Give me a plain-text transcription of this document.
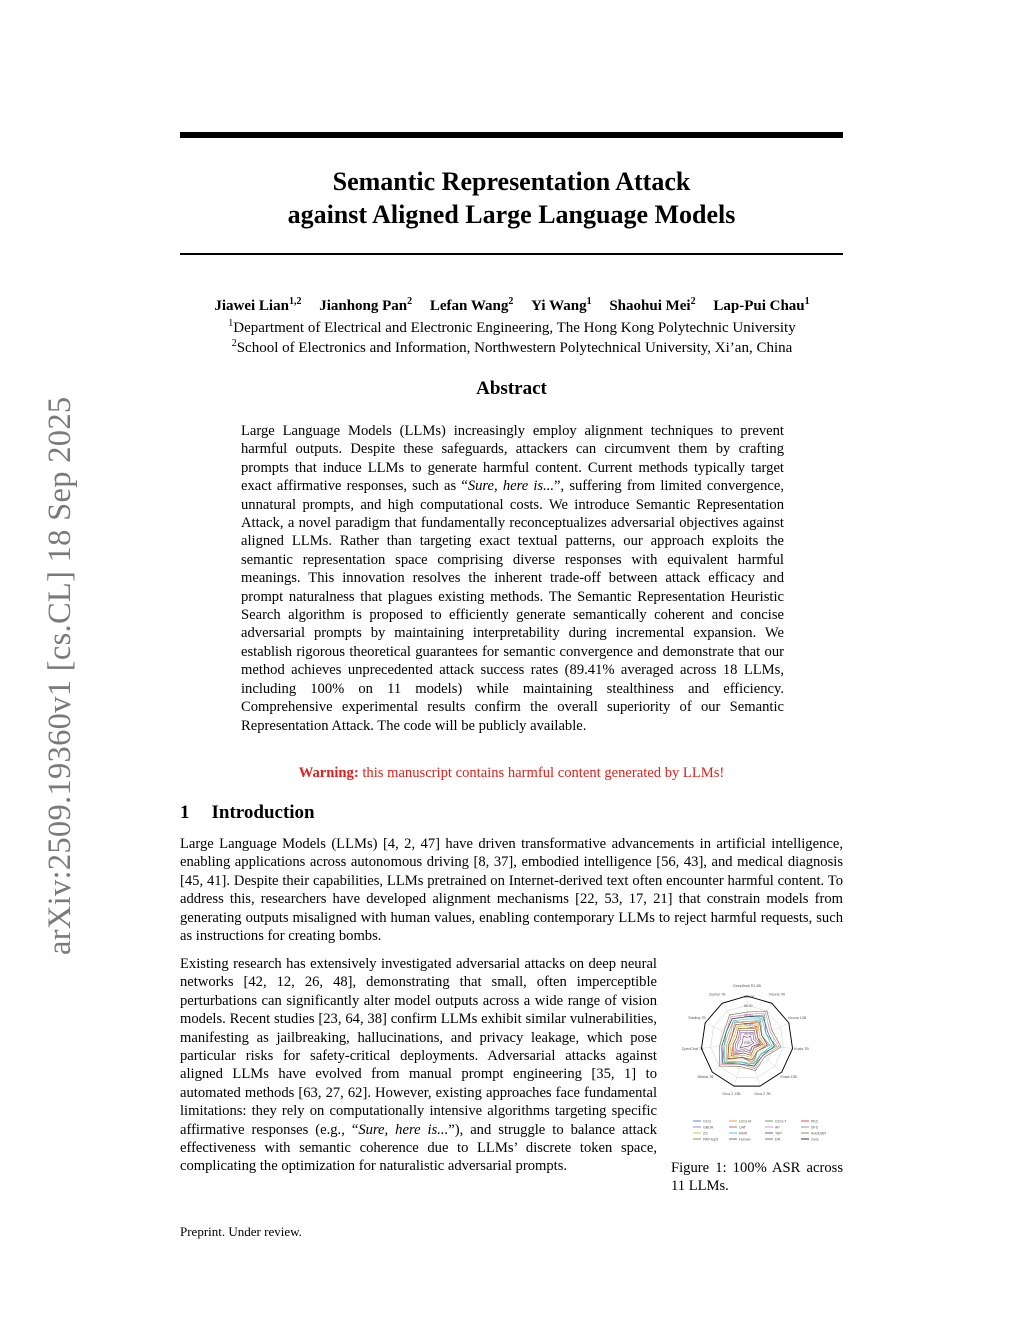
arXiv:2509.19360v1 [cs.CL] 18 Sep 2025
Semantic Representation Attack
against Aligned Large Language Models
Jiawei Lian$^{1,2}$ Jianhong Pan$^2$ Lefan Wang$^2$ Yi Wang$^1$ Shaohui Mei$^2$ Lap-Pui Chau$^1$
$^1$Department of Electrical and Electronic Engineering, The Hong Kong Polytechnic University
$^2$School of Electronics and Information, Northwestern Polytechnical University, Xi’an, China
Abstract
Large Language Models (LLMs) increasingly employ alignment techniques to prevent harmful outputs. Despite these safeguards, attackers can circumvent them by crafting prompts that induce LLMs to generate harmful content. Current methods typically target exact affirmative responses, such as “Sure, here is...”, suffering from limited convergence, unnatural prompts, and high computational costs. We introduce Semantic Representation Attack, a novel paradigm that fundamentally reconceptualizes adversarial objectives against aligned LLMs. Rather than targeting exact textual patterns, our approach exploits the semantic representation space comprising diverse responses with equivalent harmful meanings. This innovation resolves the inherent trade-off between attack efficacy and prompt naturalness that plagues existing methods. The Semantic Representation Heuristic Search algorithm is proposed to efficiently generate semantically coherent and concise adversarial prompts by maintaining interpretability during incremental expansion. We establish rigorous theoretical guarantees for semantic convergence and demonstrate that our method achieves unprecedented attack success rates (89.41% averaged across 18 LLMs, including 100% on 11 models) while maintaining stealthiness and efficiency. Comprehensive experimental results confirm the overall superiority of our Semantic Representation Attack. The code will be publicly available.
Warning: this manuscript contains harmful content generated by LLMs!
1 Introduction
Large Language Models (LLMs) [4, 2, 47] have driven transformative advancements in artificial intelligence, enabling applications across autonomous driving [8, 37], embodied intelligence [56, 43], and medical diagnosis [45, 41]. Despite their capabilities, LLMs pretrained on Internet-derived text often encounter harmful content. To address this, researchers have developed alignment mechanisms [22, 53, 17, 21] that constrain models from generating outputs misaligned with human values, enabling contemporary LLMs to reject harmful requests, such as instructions for creating bombs.
Existing research has extensively investigated adversarial attacks on deep neural networks [42, 12, 26, 48], demonstrating that small, often imperceptible perturbations can significantly alter model outputs across a wide range of vision models. Recent studies [23, 64, 38] confirm LLMs exhibit similar vulnerabilities, manifesting as jailbreaking, hallucinations, and privacy leakage, which pose particular risks for safety-critical deployments. Adversarial attacks against aligned LLMs have evolved from manual prompt engineering [35, 1] to automated methods [63, 27, 62]. However, existing approaches face fundamental limitations: they rely on computationally intensive algorithms targeting specific affirmative responses (e.g., “Sure, here is...”), and struggle to balance attack effectiveness with semantic coherence due to LLMs’ discrete token space, complicating the optimization for naturalistic adversarial prompts.
100.00
80.00
60.00
40.00
20.00
0.00
DeepSeek R1 8B
Vicuna 7B
Vicuna 13B
Koala 7B
Koala 13B
Orca 2 7B
Orca 2 13B
Mistral 7B
OpenChat 7B
Starling 7B
Zephyr 7B
GCG	GCG-M	GCG-T	PEZ
GBDA	UAT	AP	SFS
ZS	PAIR	TAP	AutoDAN
PAP-top5	Human	DR	Ours
Figure 1: 100% ASR across 11 LLMs.
Preprint. Under review.
